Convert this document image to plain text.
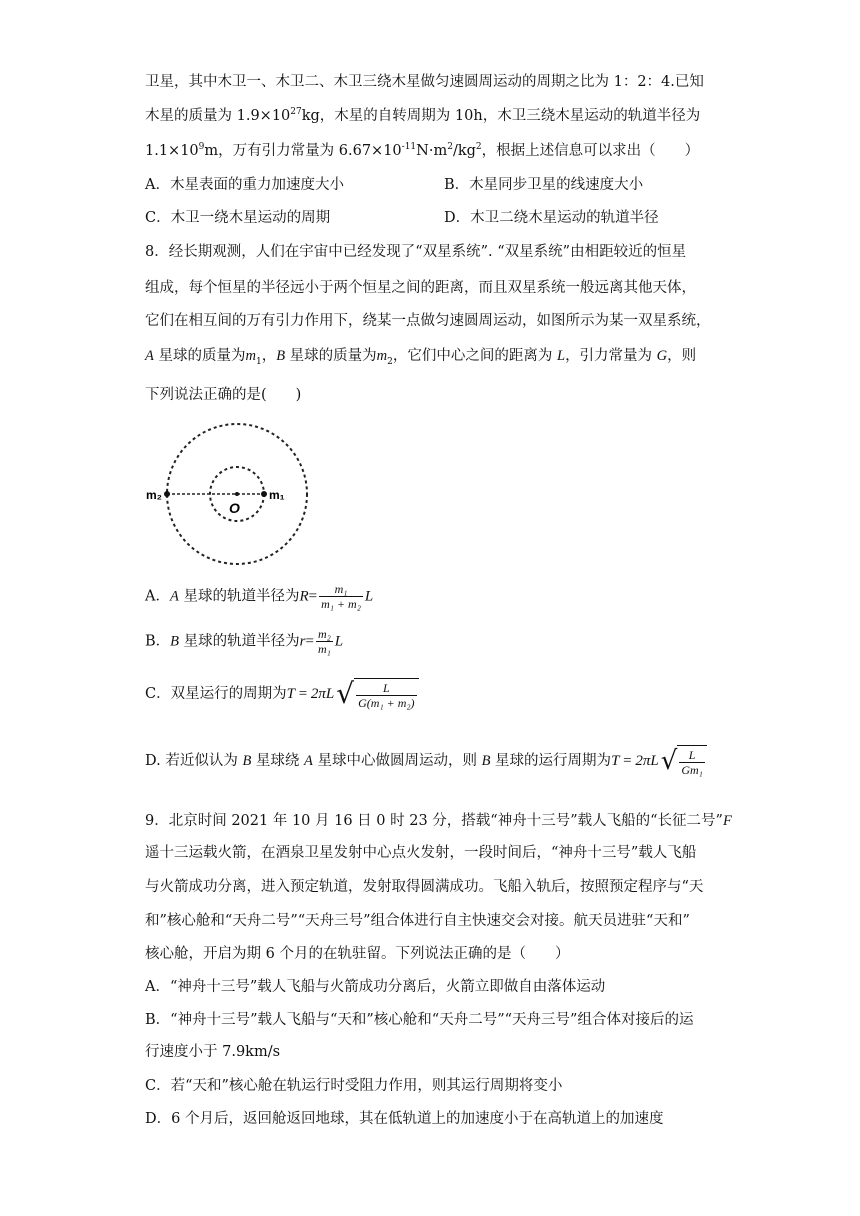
卫星，其中木卫一、木卫二、木卫三绕木星做匀速圆周运动的周期之比为 1：2：4.已知
木星的质量为 $1.9\times 10^{27}kg$，木星的自转周期为 10h，木卫三绕木星运动的轨道半径为
$1.1\times 10^9m$，万有引力常量为 $6.67\times 10^{-11}N\cdot m^2/kg^2$，根据上述信息可以求出（　　）
A．木星表面的重力加速度大小	B．木星同步卫星的线速度大小
C．木卫一绕木星运动的周期	D．木卫二绕木星运动的轨道半径
8．经长期观测，人们在宇宙中已经发现了“双星系统”. “双星系统”由相距较近的恒星
组成，每个恒星的半径远小于两个恒星之间的距离，而且双星系统一般远离其他天体，
它们在相互间的万有引力作用下，绕某一点做匀速圆周运动，如图所示为某一双星系统，
A 星球的质量为$m_1$，B 星球的质量为$m_2$，它们中心之间的距离为 L，引力常量为 G，则
下列说法正确的是(　　)
m₂	m₁
O
A．A 星球的轨道半径为$R= \frac{\text{m₁}}{\text{m₁ + m₂}}$ L
B．B 星球的轨道半径为$r= \frac{\text{m₂}}{\text{m₁}}$ L
C．双星运行的周期为$T = 2\pi L√ \frac{L}{\text{G(m₁ + m₂)}}$
D. 若近似认为 B 星球绕 A 星球中心做圆周运动，则 B 星球的运行周期为$T = 2\pi L√ \frac{L}{\text{Gm₁}}$
9．北京时间 2021 年 10 月 16 日 0 时 23 分，搭载“神舟十三号”载人飞船的“长征二号”F
遥十三运载火箭，在酒泉卫星发射中心点火发射，一段时间后，“神舟十三号”载人飞船
与火箭成功分离，进入预定轨道，发射取得圆满成功。飞船入轨后，按照预定程序与“天
和”核心舱和“天舟二号”“天舟三号”组合体进行自主快速交会对接。航天员进驻“天和”
核心舱，开启为期 6 个月的在轨驻留。下列说法正确的是（　　）
A．“神舟十三号”载人飞船与火箭成功分离后，火箭立即做自由落体运动
B．“神舟十三号”载人飞船与“天和”核心舱和“天舟二号”“天舟三号”组合体对接后的运
行速度小于 7.9km/s
C．若“天和”核心舱在轨运行时受阻力作用，则其运行周期将变小
D．6 个月后，返回舱返回地球，其在低轨道上的加速度小于在高轨道上的加速度
